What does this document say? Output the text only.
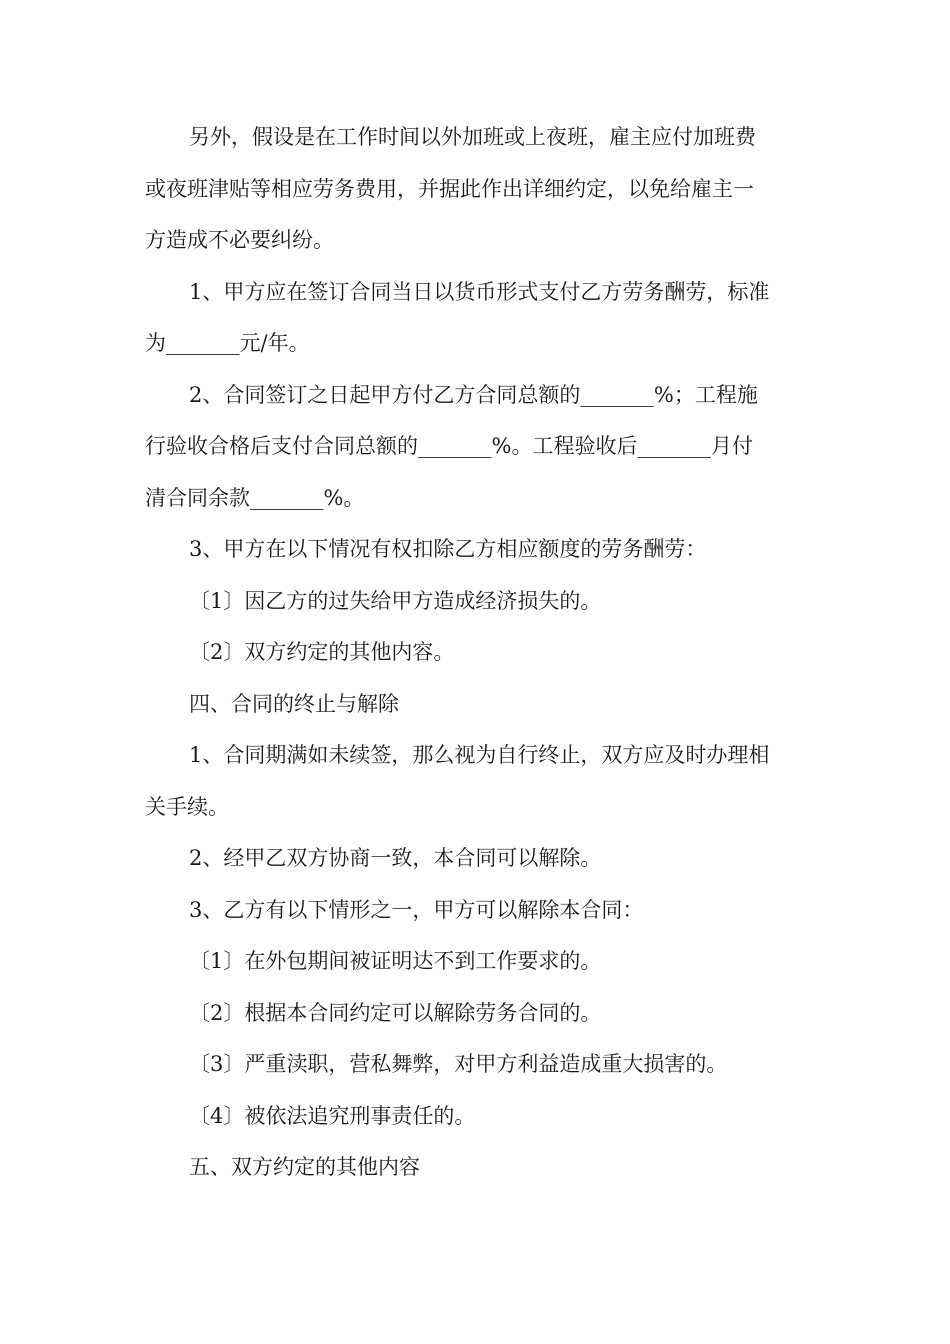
另外，假设是在工作时间以外加班或上夜班，雇主应付加班费
或夜班津贴等相应劳务费用，并据此作出详细约定，以免给雇主一
方造成不必要纠纷。

1、甲方应在签订合同当日以货币形式支付乙方劳务酬劳，标准
为_______元/年。

2、合同签订之日起甲方付乙方合同总额的_______%；工程施
行验收合格后支付合同总额的_______%。工程验收后_______月付
清合同余款_______%。

3、甲方在以下情况有权扣除乙方相应额度的劳务酬劳：

〔1〕因乙方的过失给甲方造成经济损失的。

〔2〕双方约定的其他内容。

四、合同的终止与解除

1、合同期满如未续签，那么视为自行终止，双方应及时办理相
关手续。

2、经甲乙双方协商一致，本合同可以解除。

3、乙方有以下情形之一，甲方可以解除本合同：

〔1〕在外包期间被证明达不到工作要求的。

〔2〕根据本合同约定可以解除劳务合同的。

〔3〕严重渎职，营私舞弊，对甲方利益造成重大损害的。

〔4〕被依法追究刑事责任的。

五、双方约定的其他内容
